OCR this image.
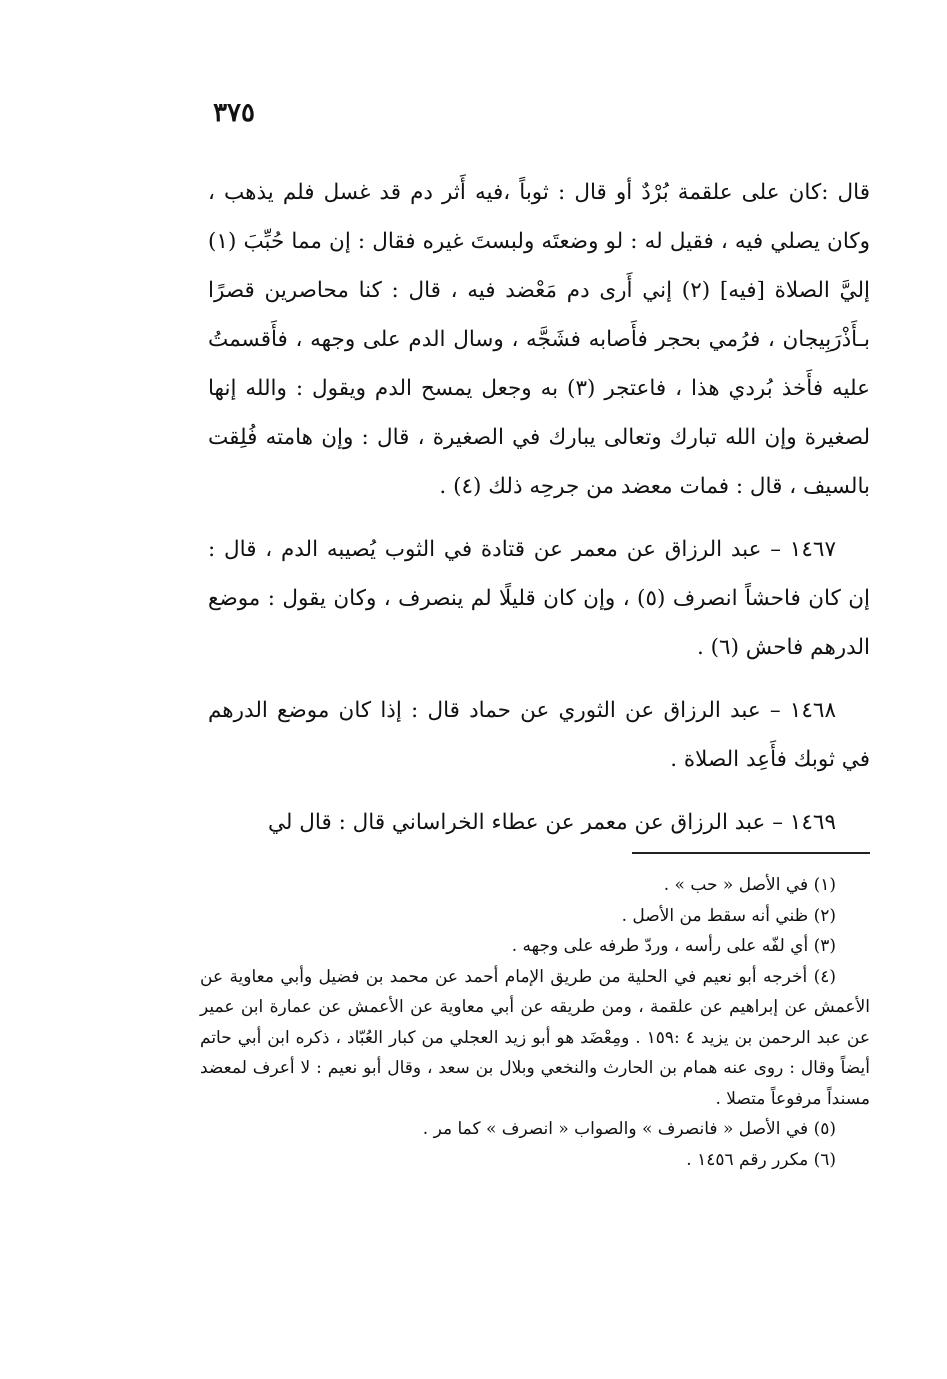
٣٧٥

قال :كان على علقمة بُرْدٌ أو قال : ثوباً ،فيه أَثر دم قد غسل فلم يذهب ، وكان يصلي فيه ، فقيل له : لو وضعتَه ولبستَ غيره فقال : إن مما حُبِّبَ (١) إليَّ الصلاة [فيه] (٢) إني أَرى دم مَعْضد فيه ، قال : كنا محاصرين قصرًا بـأَذْرَبِيجان ، فرُمي بحجر فأَصابه فشَجَّه ، وسال الدم على وجهه ، فأَقسمتُ عليه فأَخذ بُردي هذا ، فاعتجر (٣) به وجعل يمسح الدم ويقول : والله إنها لصغيرة وإن الله تبارك وتعالى يبارك في الصغيرة ، قال : وإن هامته فُلِقت بالسيف ، قال : فمات معضد من جرحِه ذلك (٤) .

١٤٦٧ – عبد الرزاق عن معمر عن قتادة في الثوب يُصيبه الدم ، قال : إن كان فاحشاً انصرف (٥) ، وإن كان قليلًا لم ينصرف ، وكان يقول : موضع الدرهم فاحش (٦) .

١٤٦٨ – عبد الرزاق عن الثوري عن حماد قال : إذا كان موضع الدرهم في ثوبك فأَعِد الصلاة .

١٤٦٩ – عبد الرزاق عن معمر عن عطاء الخراساني قال : قال لي

(١) في الأصل « حب » .

(٢) ظني أنه سقط من الأصل .

(٣) أي لفّه على رأسه ، وردّ طرفه على وجهه .

(٤) أخرجه أبو نعيم في الحلية من طريق الإمام أحمد عن محمد بن فضيل وأبي معاوية عن الأعمش عن إبراهيم عن علقمة ، ومن طريقه عن أبي معاوية عن الأعمش عن عمارة ابن عمير عن عبد الرحمن بن يزيد ٤ :١٥٩ . ومِعْضَد هو أبو زيد العجلي من كبار العُبّاد ، ذكره ابن أبي حاتم أيضاً وقال : روى عنه همام بن الحارث والنخعي وبلال بن سعد ، وقال أبو نعيم : لا أعرف لمعضد مسنداً مرفوعاً متصلا .

(٥) في الأصل « فانصرف » والصواب « انصرف » كما مر .

(٦) مكرر رقم ١٤٥٦ .
